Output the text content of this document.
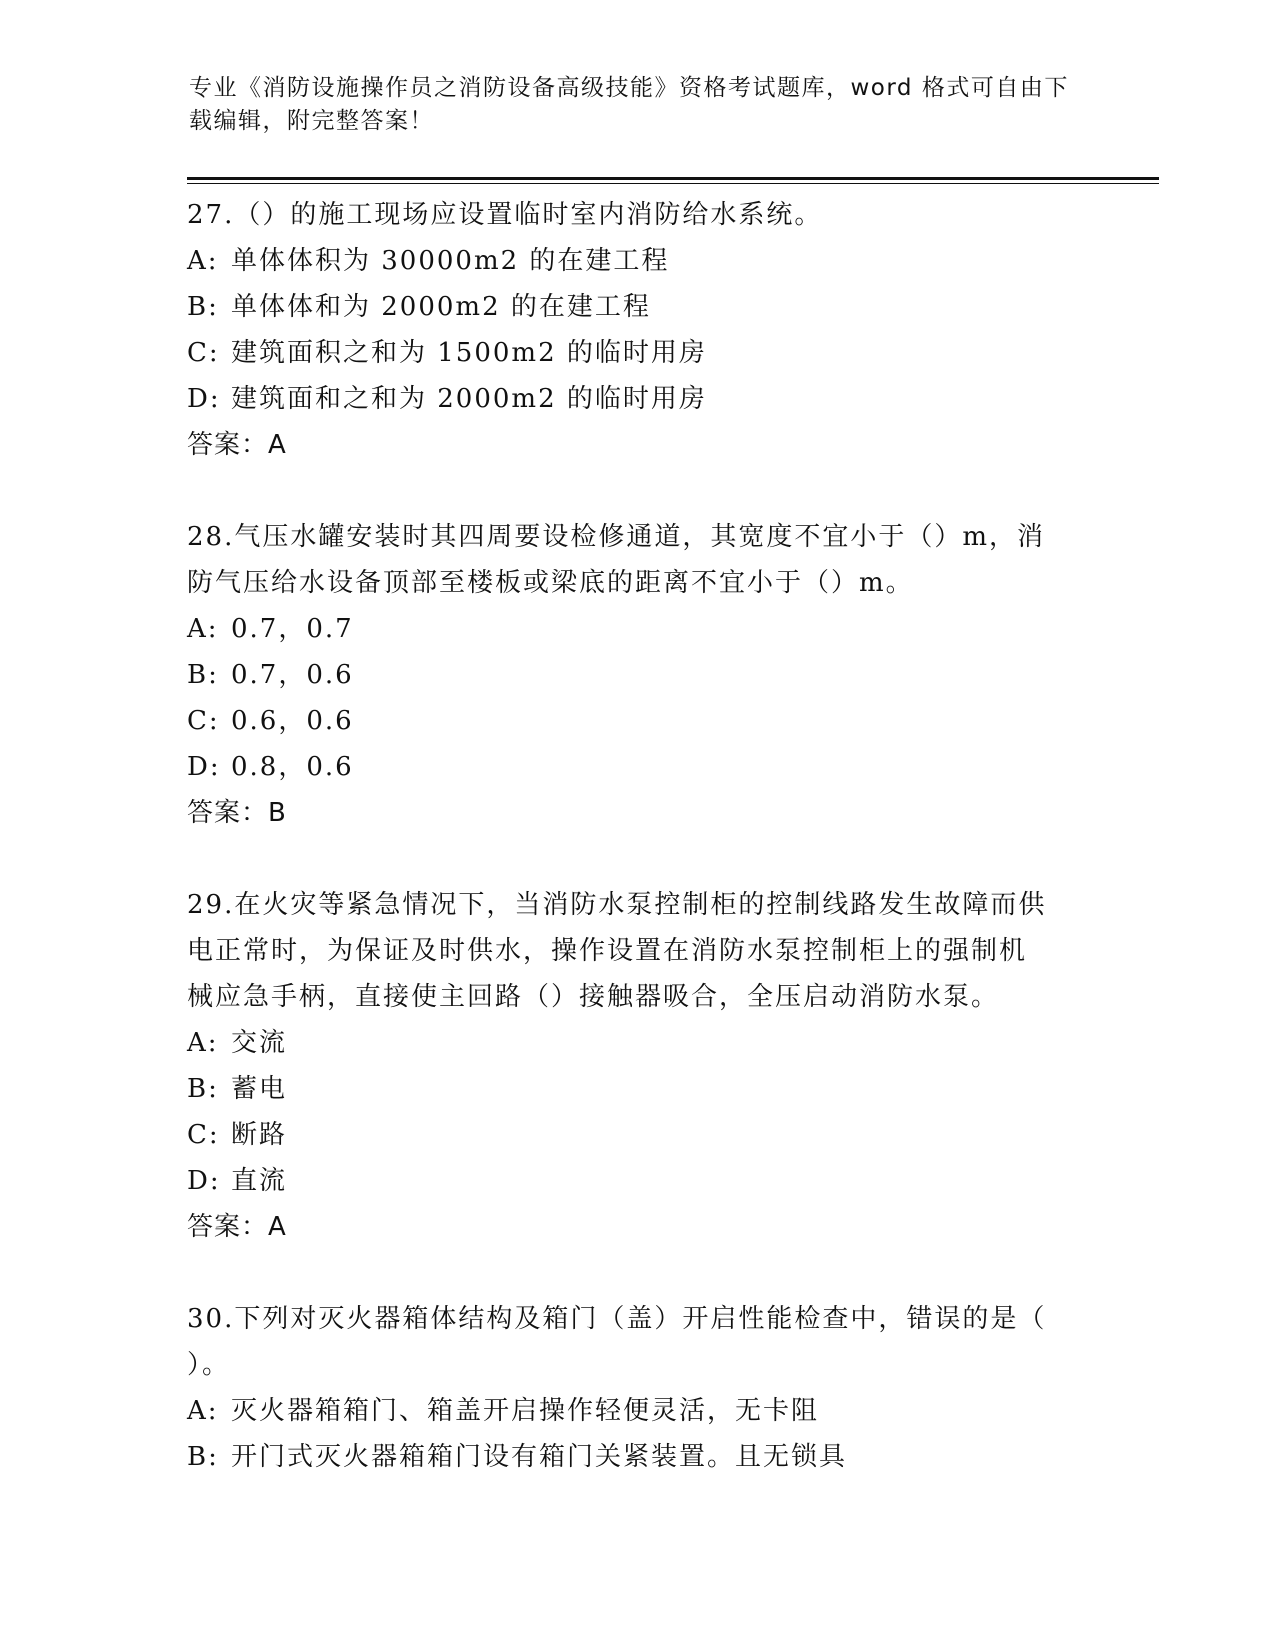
专业《消防设施操作员之消防设备高级技能》资格考试题库，word 格式可自由下
载编辑，附完整答案！
27.（）的施工现场应设置临时室内消防给水系统。
A: 单体体积为 30000m2 的在建工程
B: 单体体和为 2000m2 的在建工程
C: 建筑面积之和为 1500m2 的临时用房
D: 建筑面和之和为 2000m2 的临时用房
答案：A
28.气压水罐安装时其四周要设检修通道，其宽度不宜小于（）m，消
防气压给水设备顶部至楼板或梁底的距离不宜小于（）m。
A: 0.7，0.7
B: 0.7，0.6
C: 0.6，0.6
D: 0.8，0.6
答案：B
29.在火灾等紧急情况下，当消防水泵控制柜的控制线路发生故障而供
电正常时，为保证及时供水，操作设置在消防水泵控制柜上的强制机
械应急手柄，直接使主回路（）接触器吸合，全压启动消防水泵。
A: 交流
B: 蓄电
C: 断路
D: 直流
答案：A
30.下列对灭火器箱体结构及箱门（盖）开启性能检查中，错误的是（
）。
A: 灭火器箱箱门、箱盖开启操作轻便灵活，无卡阻
B: 开门式灭火器箱箱门设有箱门关紧装置。且无锁具
